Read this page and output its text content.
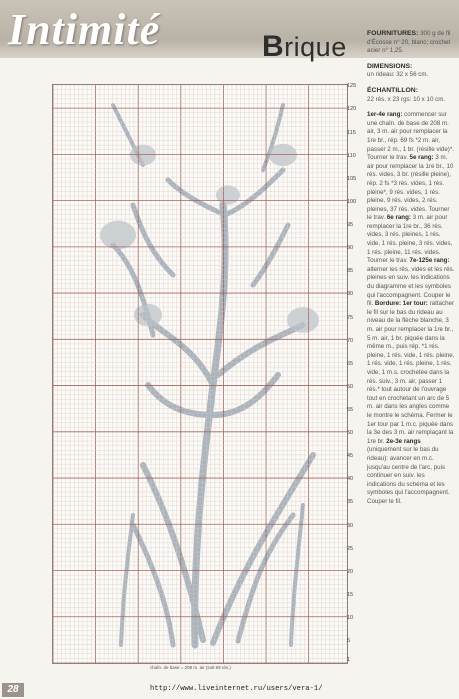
Intimité	Brique
125
120
115
110
105
100
95
90
85
80
75
70
65
60
55
50
45
40
35
30
25
20
15
10
5
1
chaîn. de base = 208 m. air (soit 69 rés.)

FOURNITURES: 300 g de fil d'Écosse n° 20, blanc; crochet acier n° 1,25.

DIMENSIONS:
un rideau: 32 x 56 cm.

ÉCHANTILLON:
22 rés. x 23 rgs: 10 x 10 cm.

1er-4e rang: commencer sur une chaîn. de base de 208 m. air, 3 m. air pour remplacer la 1re br., rép. 69 fs *2 m. air, passer 2 m., 1 br. (résille vide)*. Tourner le trav. 5e rang: 3 m. air pour remplacer la 1re br., 10 rés. vides, 3 br. (résille pleine), rép. 2 fs *3 rés. vides, 1 rés. pleine*, 9 rés. vides, 1 rés. pleine, 9 rés. vides, 2 rés. pleines, 37 rés. vides. Tourner le trav. 6e rang: 3 m. air pour remplacer la 1re br., 36 rés. vides, 3 rés. pleines, 1 rés. vide, 1 rés. pleine, 3 rés. vides, 1 rés. pleine, 11 rés. vides. Tourner le trav. 7e-125e rang: alterner les rés. vides et les rés. pleines en suiv. les indications du diagramme et les symboles qui l'accompagnent. Couper le fil. Bordure: 1er tour: rattacher le fil sur le bas du rideau au niveau de la flèche blanche, 3 m. air pour remplacer la 1re br., 5 m. air, 1 br. piquée dans la même m., puis rép. *1 rés. pleine, 1 rés. vide, 1 rés. pleine, 1 rés. vide, 1 rés. pleine, 1 rés. vide, 1 m.s. crochetée dans la rés. suiv., 3 m. air, passer 1 rés.* tout autour de l'ouvrage tout en crochetant un arc de 5 m. air dans les angles comme le montre le schéma. Fermer le 1er tour par 1 m.c. piquée dans la 3e des 3 m. air remplaçant la 1re br. 2e-3e rangs (uniquement sur le bas du rideau): avancer en m.c. jusqu'au centre de l'arc, puis continuer en suiv. les indications du schéma et les symboles qui l'accompagnent. Couper le fil.

28	http://www.liveinternet.ru/users/vera-1/
